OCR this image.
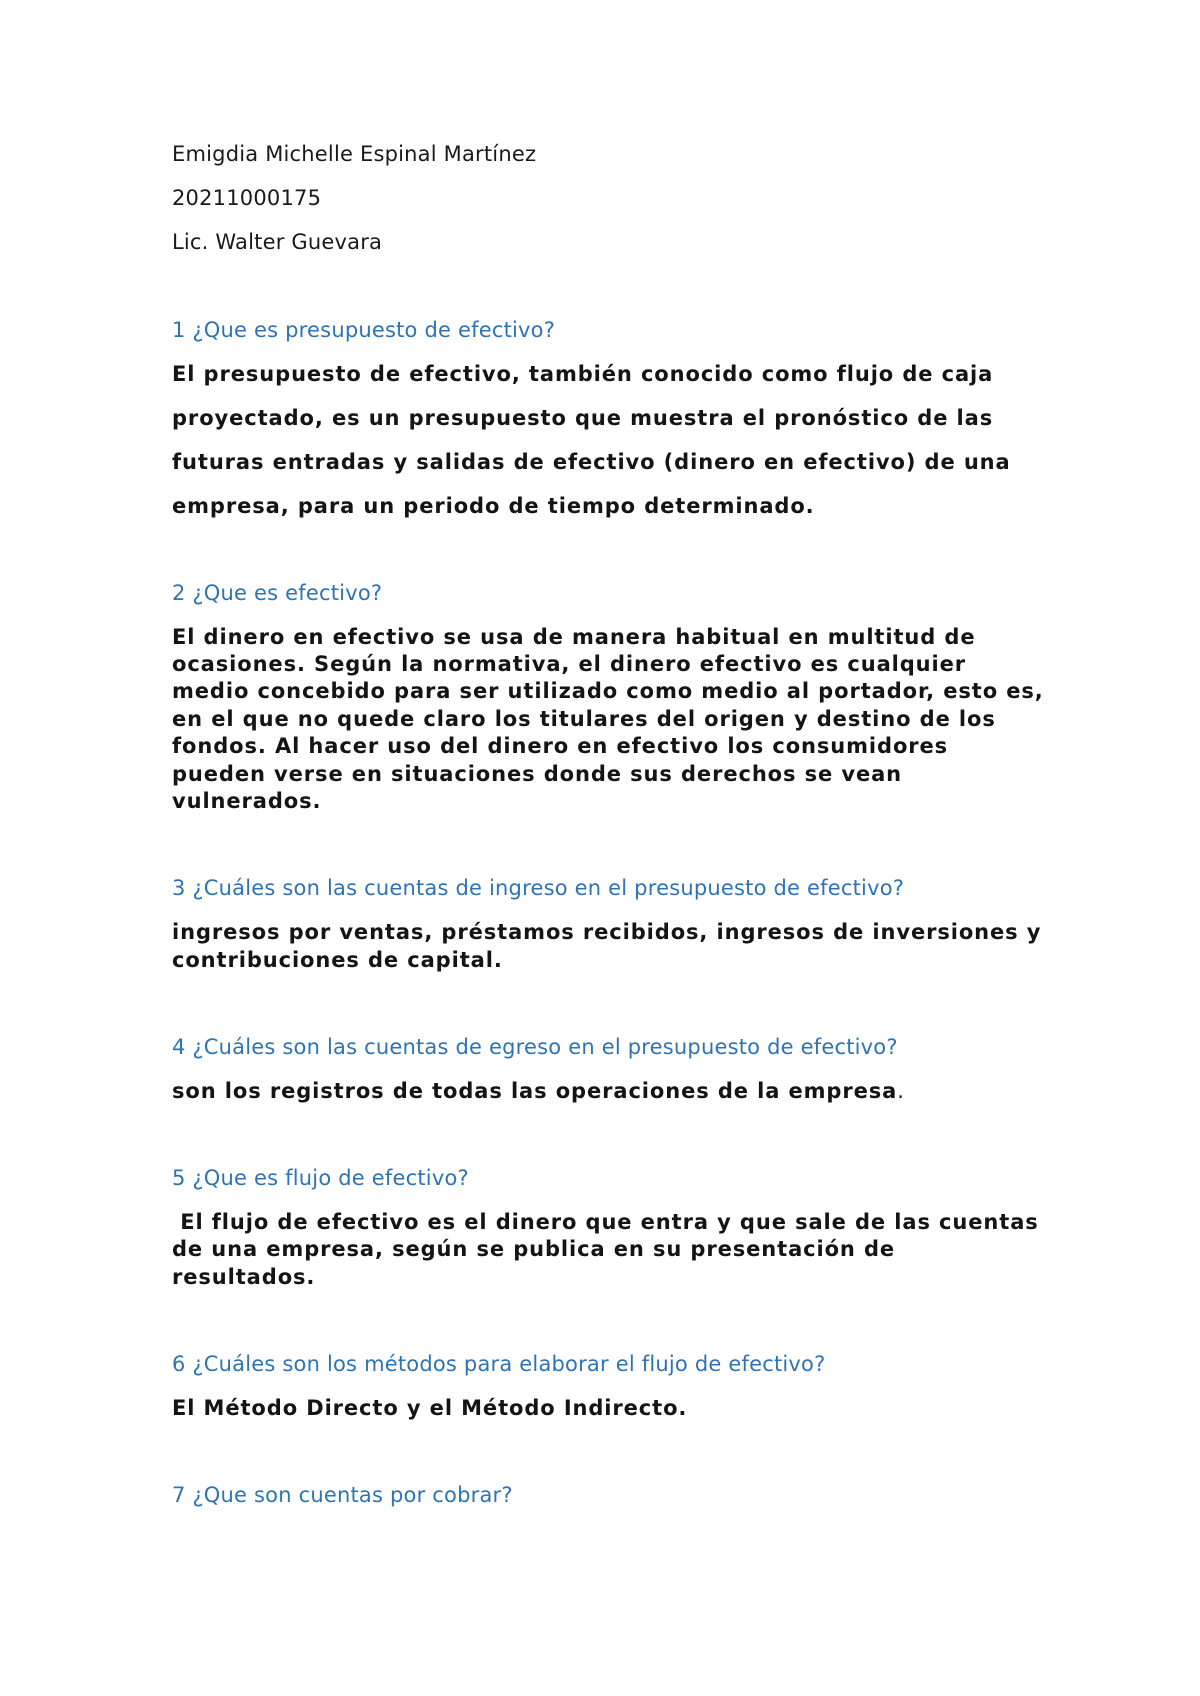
Emigdia Michelle Espinal Martínez

20211000175

Lic. Walter Guevara

1 ¿Que es presupuesto de efectivo?

El presupuesto de efectivo, también conocido como flujo de caja

proyectado, es un presupuesto que muestra el pronóstico de las

futuras entradas y salidas de efectivo (dinero en efectivo) de una

empresa, para un periodo de tiempo determinado.

2 ¿Que es efectivo?

El dinero en efectivo se usa de manera habitual en multitud de

ocasiones. Según la normativa, el dinero efectivo es cualquier

medio concebido para ser utilizado como medio al portador, esto es,

en el que no quede claro los titulares del origen y destino de los

fondos. Al hacer uso del dinero en efectivo los consumidores

pueden verse en situaciones donde sus derechos se vean

vulnerados.

3 ¿Cuáles son las cuentas de ingreso en el presupuesto de efectivo?

ingresos por ventas, préstamos recibidos, ingresos de inversiones y

contribuciones de capital.

4 ¿Cuáles son las cuentas de egreso en el presupuesto de efectivo?

son los registros de todas las operaciones de la empresa.

5 ¿Que es flujo de efectivo?

El flujo de efectivo es el dinero que entra y que sale de las cuentas

de una empresa, según se publica en su presentación de

resultados.

6 ¿Cuáles son los métodos para elaborar el flujo de efectivo?

El Método Directo y el Método Indirecto.

7 ¿Que son cuentas por cobrar?
